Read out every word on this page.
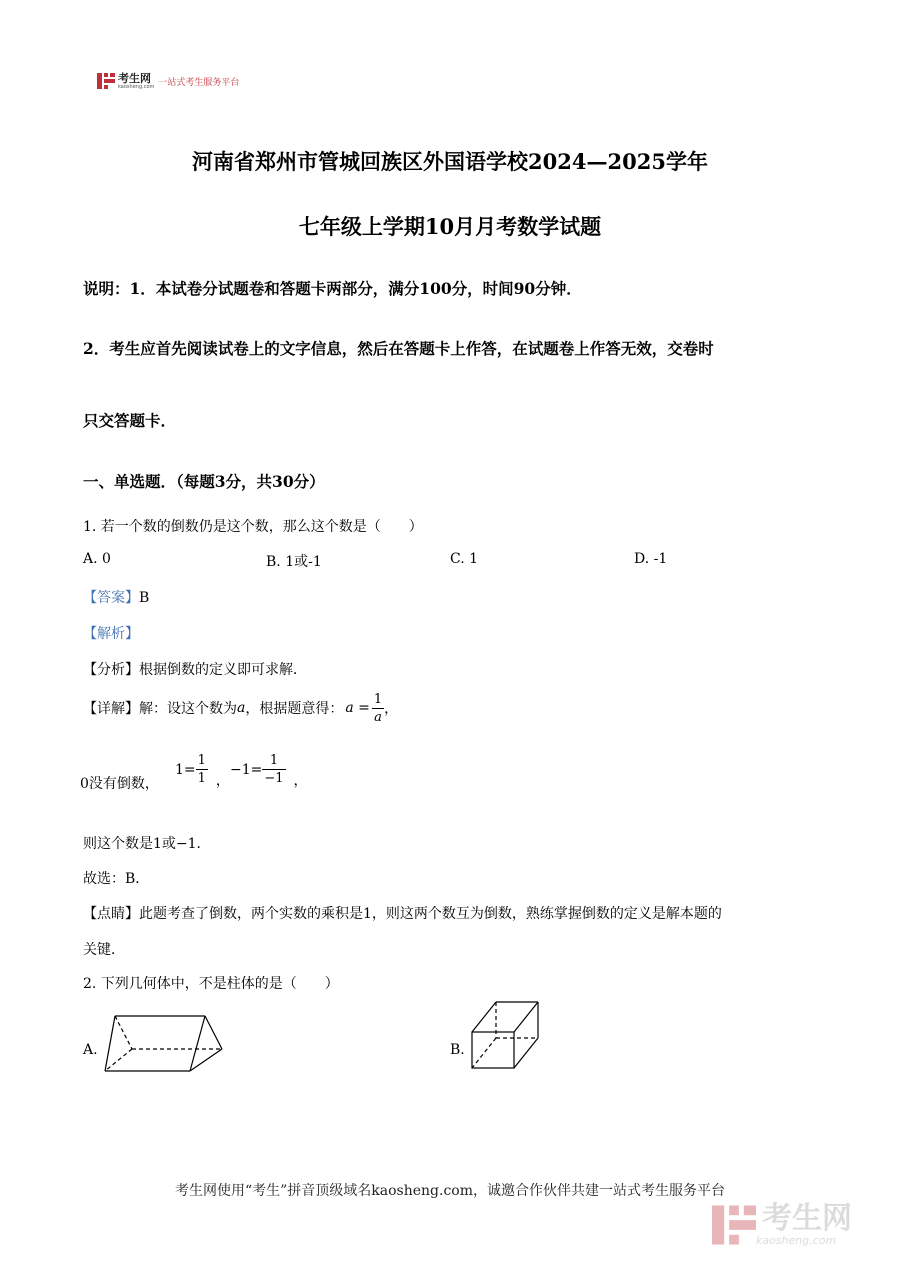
考生网
kaosheng.com 一站式考生服务平台
河南省郑州市管城回族区外国语学校2024—2025学年
七年级上学期10月月考数学试题
说明：1．本试卷分试题卷和答题卡两部分，满分100分，时间90分钟．
2．考生应首先阅读试卷上的文字信息，然后在答题卡上作答，在试题卷上作答无效，交卷时
只交答题卡．
一、单选题．（每题3分，共30分）
1. 若一个数的倒数仍是这个数，那么这个数是（　　）
A. 0	B. 1或-1	C. 1	D. -1
【答案】B
【解析】
【分析】根据倒数的定义即可求解．
【详解】解：设这个数为 a ，根据题意得： $a = \frac{1}{a}$ ，
0没有倒数，
$1= \frac{1}{1}$ ，
$-1= \frac{1}{-1}$ ，
则这个数是1或−1．
故选：B．
【点睛】此题考查了倒数，两个实数的乘积是1，则这两个数互为倒数，熟练掌握倒数的定义是解本题的
关键．
2. 下列几何体中，不是柱体的是（　　）
A.	B.
考生网使用“考生”拼音顶级域名kaosheng.com，诚邀合作伙伴共建一站式考生服务平台
考生网
kaosheng.com
